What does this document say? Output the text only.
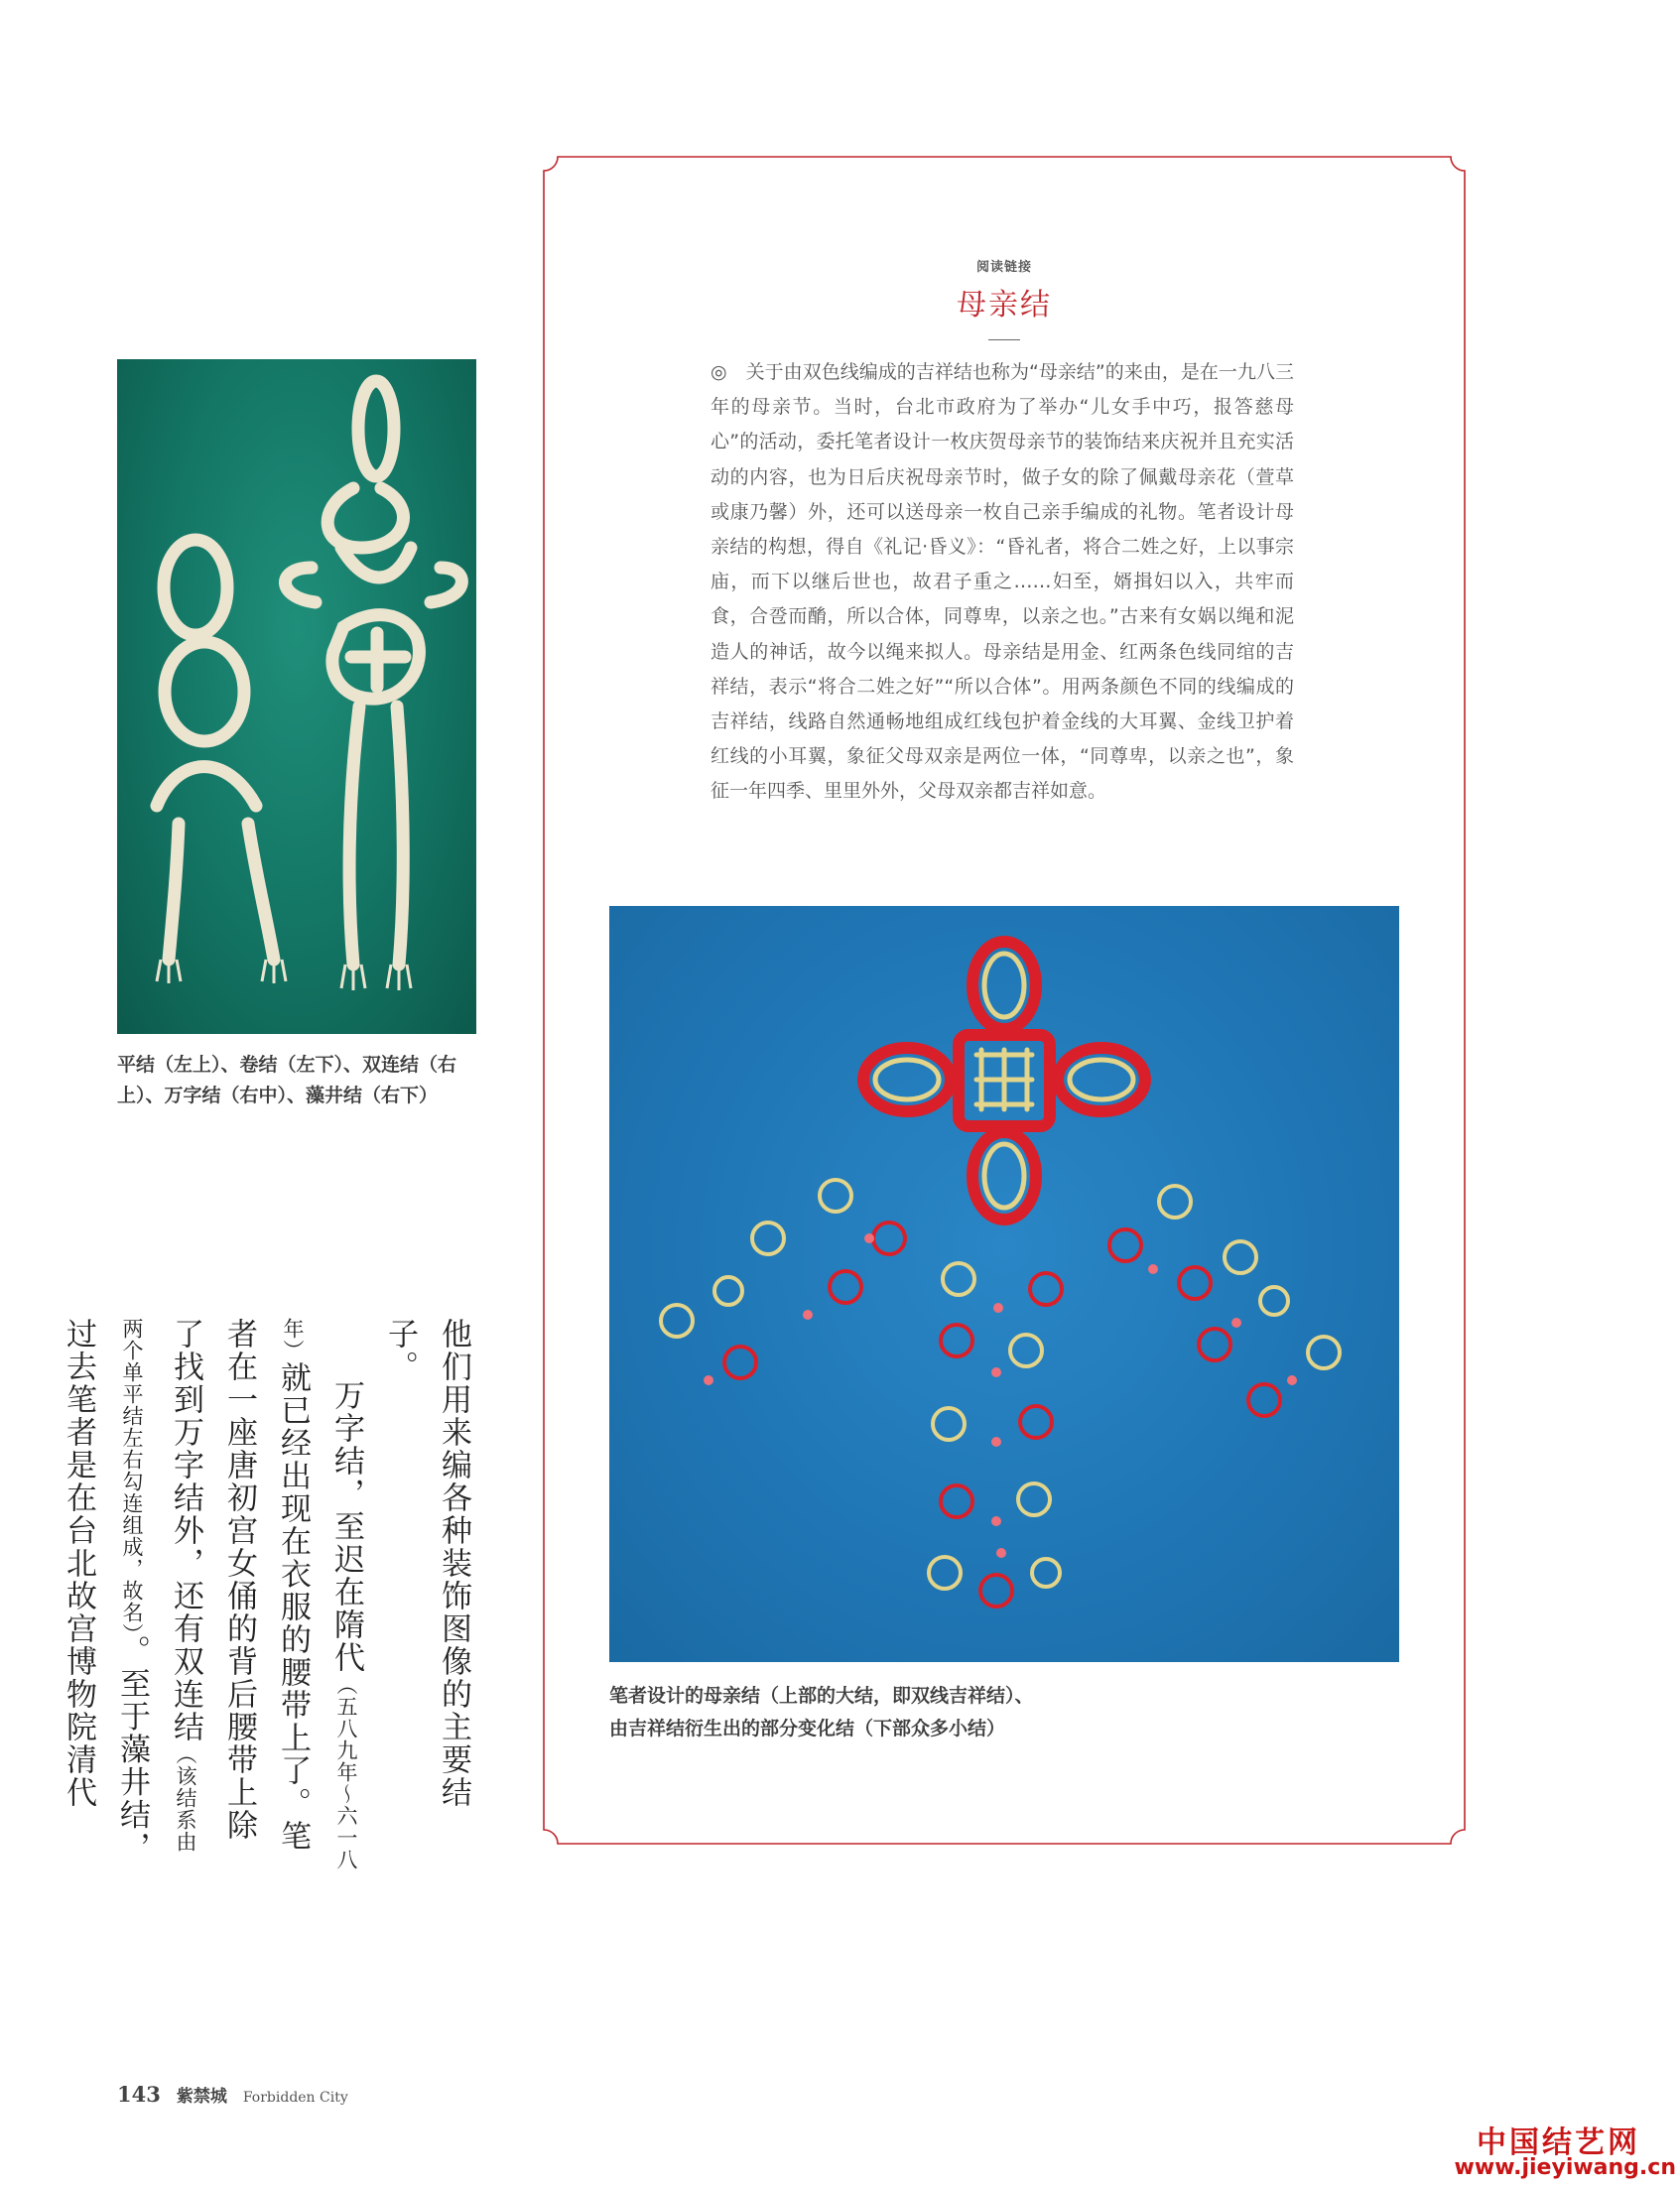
平结（左上）、卷结（左下）、双连结（右上）、万字结（右中）、藻井结（右下）

阅读链接
母亲结

◎　关于由双色线编成的吉祥结也称为“母亲结”的来由，是在一九八三年的母亲节。当时，台北市政府为了举办“儿女手中巧，报答慈母心”的活动，委托笔者设计一枚庆贺母亲节的装饰结来庆祝并且充实活动的内容，也为日后庆祝母亲节时，做子女的除了佩戴母亲花（萱草或康乃馨）外，还可以送母亲一枚自己亲手编成的礼物。笔者设计母亲结的构想，得自《礼记·昏义》：“昏礼者，将合二姓之好，上以事宗庙，而下以继后世也，故君子重之……妇至，婿揖妇以入，共牢而食，合卺而酳，所以合体，同尊卑，以亲之也。”古来有女娲以绳和泥造人的神话，故今以绳来拟人。母亲结是用金、红两条色线同绾的吉祥结，表示“将合二姓之好”“所以合体”。用两条颜色不同的线编成的吉祥结，线路自然通畅地组成红线包护着金线的大耳翼、金线卫护着红线的小耳翼，象征父母双亲是两位一体，“同尊卑，以亲之也”，象征一年四季、里里外外，父母双亲都吉祥如意。

笔者设计的母亲结（上部的大结，即双线吉祥结）、
由吉祥结衍生出的部分变化结（下部众多小结）

他们用来编各种装饰图像的主要结子。

万字结，至迟在隋代（五八九年～六一八年）就已经出现在衣服的腰带上了。笔者在一座唐初宫女俑的背后腰带上除了找到万字结外，还有双连结（该结系由两个单平结左右勾连组成，故名）。至于藻井结，过去笔者是在台北故宫博物院清代

143 紫禁城 Forbidden City
中国结艺网
www.jieyiwang.cn
